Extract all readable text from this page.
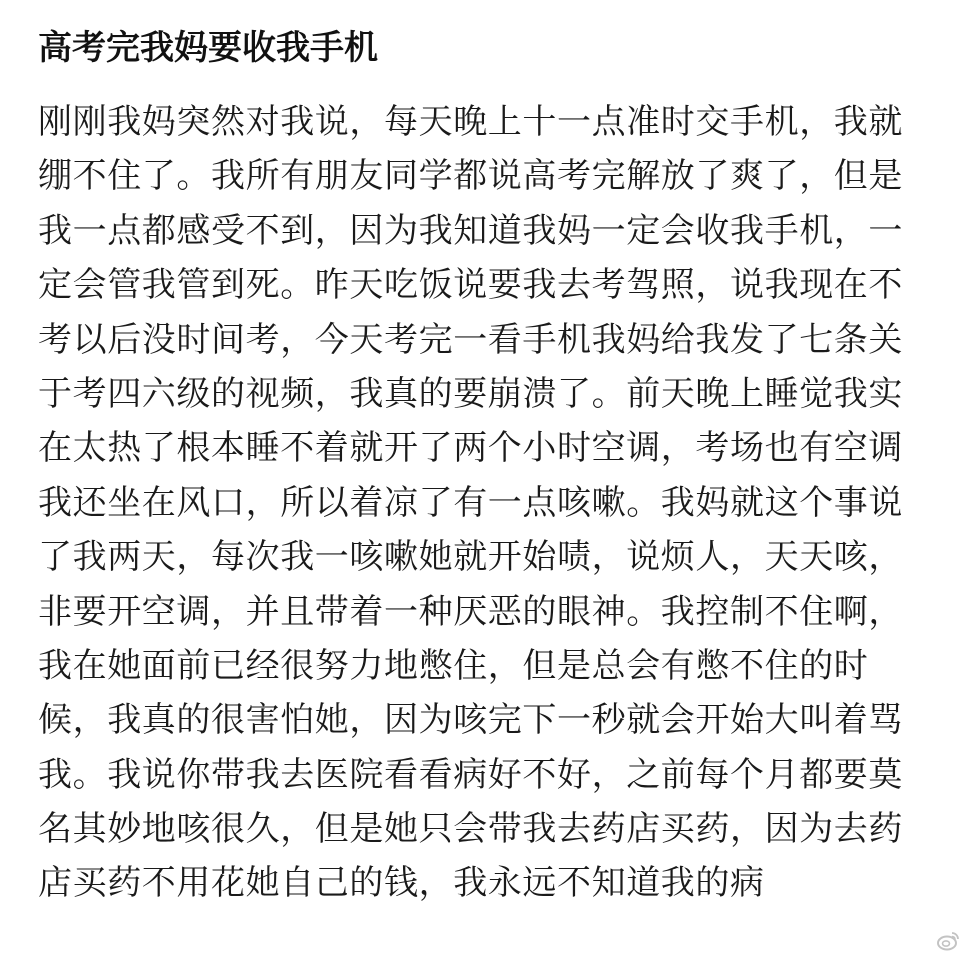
高考完我妈要收我手机
刚刚我妈突然对我说，每天晚上十一点准时交手机，我就
绷不住了。我所有朋友同学都说高考完解放了爽了，但是
我一点都感受不到，因为我知道我妈一定会收我手机，一
定会管我管到死。昨天吃饭说要我去考驾照，说我现在不
考以后没时间考，今天考完一看手机我妈给我发了七条关
于考四六级的视频，我真的要崩溃了。前天晚上睡觉我实
在太热了根本睡不着就开了两个小时空调，考场也有空调
我还坐在风口，所以着凉了有一点咳嗽。我妈就这个事说
了我两天，每次我一咳嗽她就开始啧，说烦人，天天咳，
非要开空调，并且带着一种厌恶的眼神。我控制不住啊，
我在她面前已经很努力地憋住，但是总会有憋不住的时
候，我真的很害怕她，因为咳完下一秒就会开始大叫着骂
我。我说你带我去医院看看病好不好，之前每个月都要莫
名其妙地咳很久，但是她只会带我去药店买药，因为去药
店买药不用花她自己的钱，我永远不知道我的病
